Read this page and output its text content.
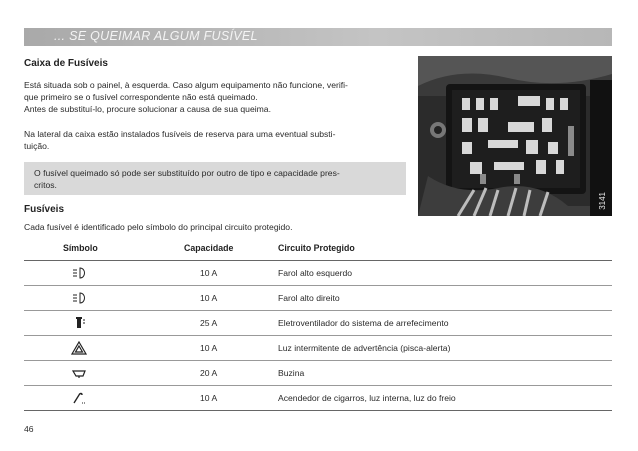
... SE QUEIMAR ALGUM FUSÍVEL
Caixa de Fusíveis
Está situada sob o painel, à esquerda. Caso algum equipamento não funcione, verifi-
que primeiro se o fusível correspondente não está queimado.
Antes de substituí-lo, procure solucionar a causa de sua queima.
Na lateral da caixa estão instalados fusíveis de reserva para uma eventual substi-
tuição.
O fusível queimado só pode ser substituído por outro de tipo e capacidade pres-
critos.
3141
Fusíveis
Cada fusível é identificado pelo símbolo do principal circuito protegido.
Símbolo	Capacidade	Circuito Protegido
10 A	Farol alto esquerdo
10 A	Farol alto direito
25 A	Eletroventilador do sistema de arrefecimento
10 A	Luz intermitente de advertência (pisca-alerta)
20 A	Buzina
10 A	Acendedor de cigarros, luz interna, luz do freio
46
